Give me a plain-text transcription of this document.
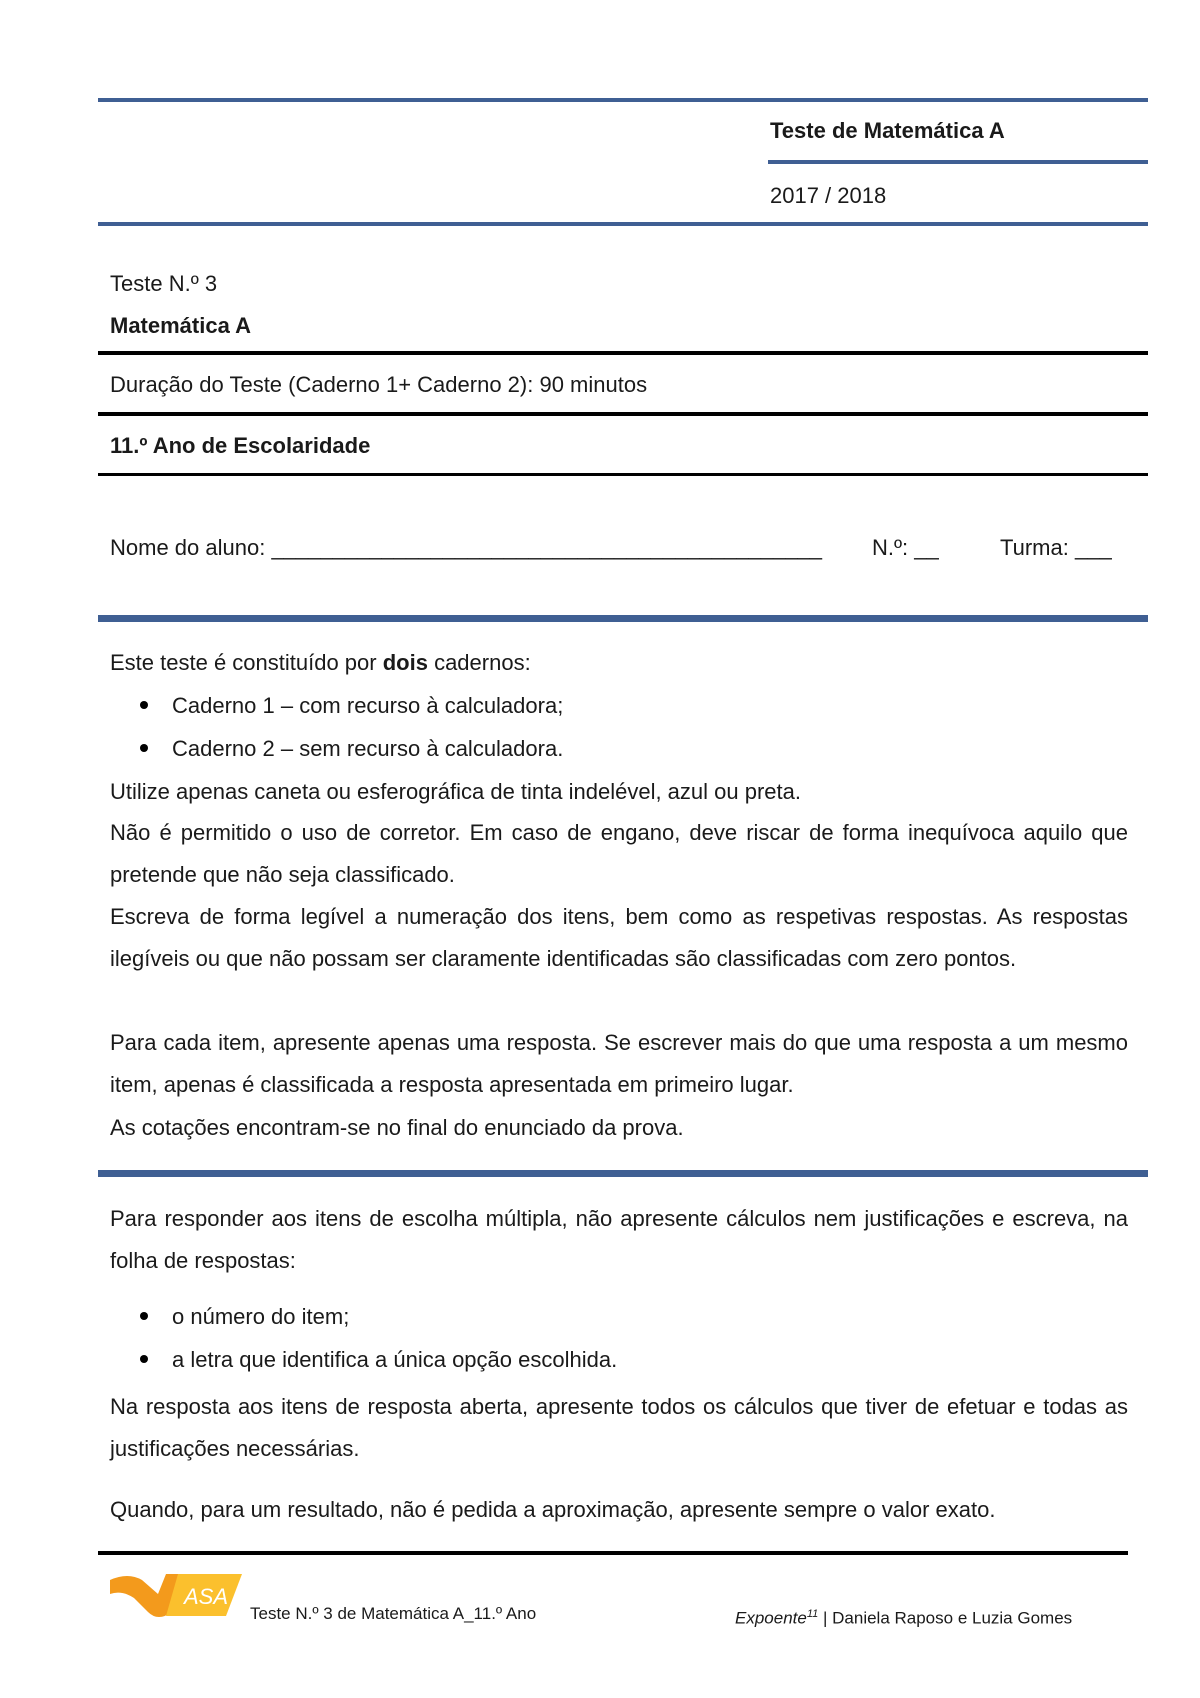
Teste de Matemática A
2017 / 2018
Teste N.º 3
Matemática A
Duração do Teste (Caderno 1+ Caderno 2): 90 minutos
11.º Ano de Escolaridade
Nome do aluno: _____________________________________________ N.º: __	Turma: ___
Este teste é constituído por dois cadernos:
Caderno 1 – com recurso à calculadora;
Caderno 2 – sem recurso à calculadora.
Utilize apenas caneta ou esferográfica de tinta indelével, azul ou preta.
Não é permitido o uso de corretor. Em caso de engano, deve riscar de forma inequívoca aquilo que pretende que não seja classificado.
Escreva de forma legível a numeração dos itens, bem como as respetivas respostas. As respostas ilegíveis ou que não possam ser claramente identificadas são classificadas com zero pontos.
Para cada item, apresente apenas uma resposta. Se escrever mais do que uma resposta a um mesmo item, apenas é classificada a resposta apresentada em primeiro lugar.
As cotações encontram-se no final do enunciado da prova.
Para responder aos itens de escolha múltipla, não apresente cálculos nem justificações e escreva, na folha de respostas:
o número do item;
a letra que identifica a única opção escolhida.
Na resposta aos itens de resposta aberta, apresente todos os cálculos que tiver de efetuar e todas as justificações necessárias.
Quando, para um resultado, não é pedida a aproximação, apresente sempre o valor exato.
ASA
Teste N.º 3 de Matemática A_11.º Ano	Expoente$^{11}$ | Daniela Raposo e Luzia Gomes
